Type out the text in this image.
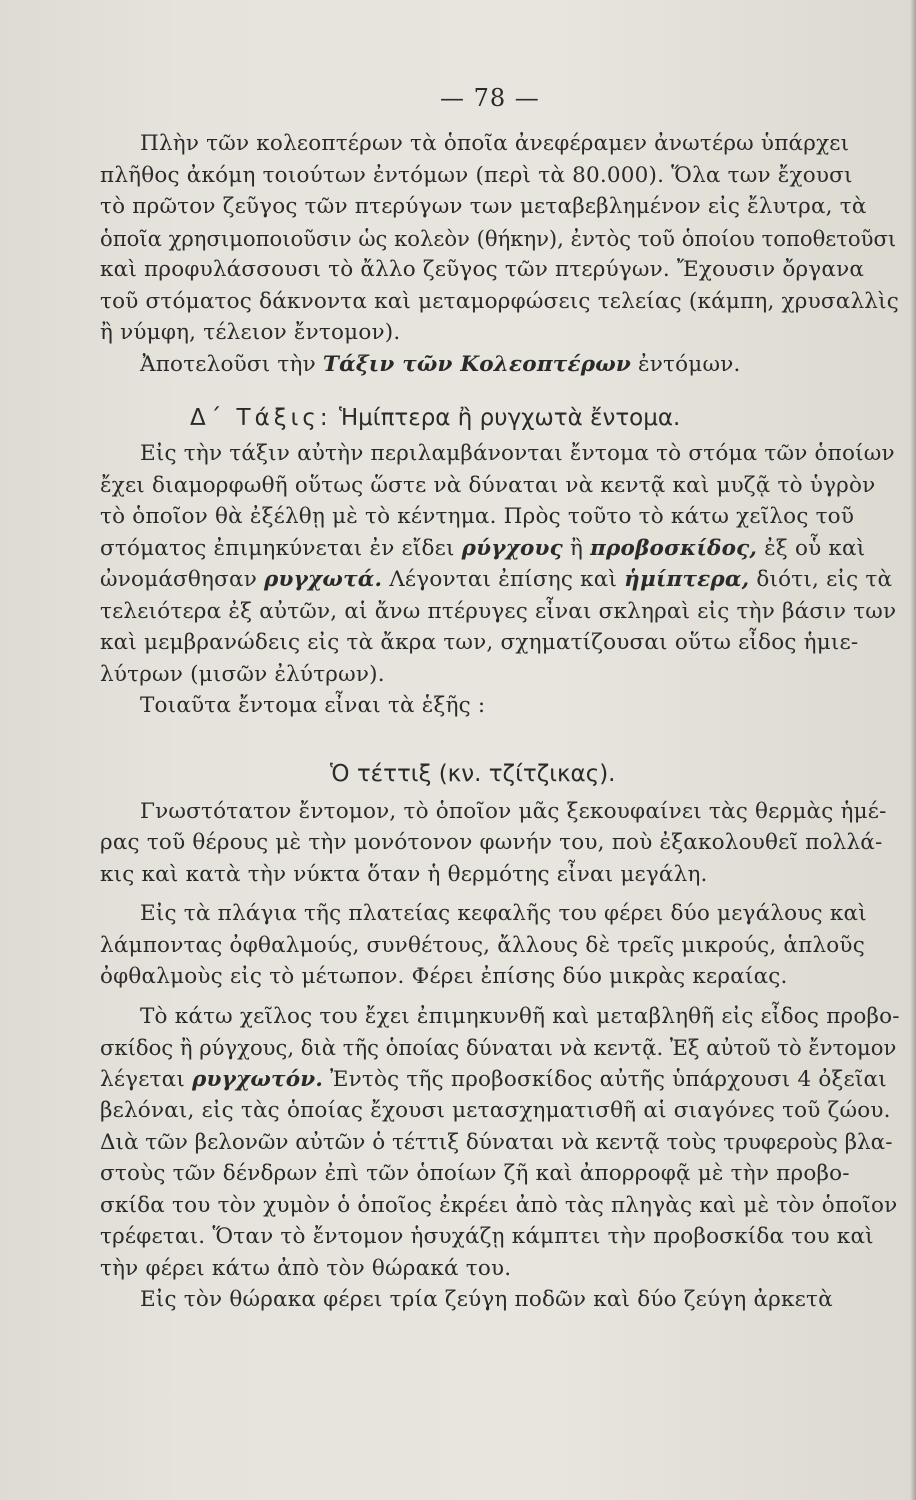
— 78 —
Πλὴν τῶν κολεοπτέρων τὰ ὁποῖα ἀνεφέραμεν ἀνωτέρω ὑπάρχει
πλῆθος ἀκόμη τοιούτων ἐντόμων (περὶ τὰ 80.000). Ὅλα των ἔχουσι
τὸ πρῶτον ζεῦγος τῶν πτερύγων των μεταβεβλημένον εἰς ἔλυτρα, τὰ
ὁποῖα χρησιμοποιοῦσιν ὡς κολεὸν (θήκην), ἐντὸς τοῦ ὁποίου τοποθετοῦσι
καὶ προφυλάσσουσι τὸ ἄλλο ζεῦγος τῶν πτερύγων. Ἔχουσιν ὄργανα
τοῦ στόματος δάκνοντα καὶ μεταμορφώσεις τελείας (κάμπη, χρυσαλλὶς
ἢ νύμφη, τέλειον ἔντομον).
Ἀποτελοῦσι τὴν Τάξιν τῶν Κολεοπτέρων ἐντόμων.
Δ΄ Τάξις: Ἡμίπτερα ἢ ρυγχωτὰ ἔντομα.
Εἰς τὴν τάξιν αὐτὴν περιλαμβάνονται ἔντομα τὸ στόμα τῶν ὁποίων
ἔχει διαμορφωθῆ οὕτως ὥστε νὰ δύναται νὰ κεντᾷ καὶ μυζᾷ τὸ ὑγρὸν
τὸ ὁποῖον θὰ ἐξέλθῃ μὲ τὸ κέντημα. Πρὸς τοῦτο τὸ κάτω χεῖλος τοῦ
στόματος ἐπιμηκύνεται ἐν εἴδει ρύγχους ἢ προβοσκίδος, ἐξ οὗ καὶ
ὠνομάσθησαν ρυγχωτά. Λέγονται ἐπίσης καὶ ἡμίπτερα, διότι, εἰς τὰ
τελειότερα ἐξ αὐτῶν, αἱ ἄνω πτέρυγες εἶναι σκληραὶ εἰς τὴν βάσιν των
καὶ μεμβρανώδεις εἰς τὰ ἄκρα των, σχηματίζουσαι οὕτω εἶδος ἡμιε-
λύτρων (μισῶν ἐλύτρων).
Τοιαῦτα ἔντομα εἶναι τὰ ἑξῆς :
Ὁ τέττιξ (κν. τζίτζικας).
Γνωστότατον ἔντομον, τὸ ὁποῖον μᾶς ξεκουφαίνει τὰς θερμὰς ἡμέ-
ρας τοῦ θέρους μὲ τὴν μονότονον φωνήν του, ποὺ ἐξακολουθεῖ πολλά-
κις καὶ κατὰ τὴν νύκτα ὅταν ἡ θερμότης εἶναι μεγάλη.
Εἰς τὰ πλάγια τῆς πλατείας κεφαλῆς του φέρει δύο μεγάλους καὶ
λάμποντας ὀφθαλμούς, συνθέτους, ἄλλους δὲ τρεῖς μικρούς, ἁπλοῦς
ὀφθαλμοὺς εἰς τὸ μέτωπον. Φέρει ἐπίσης δύο μικρὰς κεραίας.
Τὸ κάτω χεῖλος του ἔχει ἐπιμηκυνθῆ καὶ μεταβληθῆ εἰς εἶδος προβο-
σκίδος ἢ ρύγχους, διὰ τῆς ὁποίας δύναται νὰ κεντᾷ. Ἐξ αὐτοῦ τὸ ἔντομον
λέγεται ρυγχωτόν. Ἐντὸς τῆς προβοσκίδος αὐτῆς ὑπάρχουσι 4 ὀξεῖαι
βελόναι, εἰς τὰς ὁποίας ἔχουσι μετασχηματισθῆ αἱ σιαγόνες τοῦ ζώου.
Διὰ τῶν βελονῶν αὐτῶν ὁ τέττιξ δύναται νὰ κεντᾷ τοὺς τρυφεροὺς βλα-
στοὺς τῶν δένδρων ἐπὶ τῶν ὁποίων ζῆ καὶ ἀπορροφᾷ μὲ τὴν προβο-
σκίδα του τὸν χυμὸν ὁ ὁποῖος ἐκρέει ἀπὸ τὰς πληγὰς καὶ μὲ τὸν ὁποῖον
τρέφεται. Ὅταν τὸ ἔντομον ἡσυχάζῃ κάμπτει τὴν προβοσκίδα του καὶ
τὴν φέρει κάτω ἀπὸ τὸν θώρακά του.
Εἰς τὸν θώρακα φέρει τρία ζεύγη ποδῶν καὶ δύο ζεύγη ἀρκετὰ
